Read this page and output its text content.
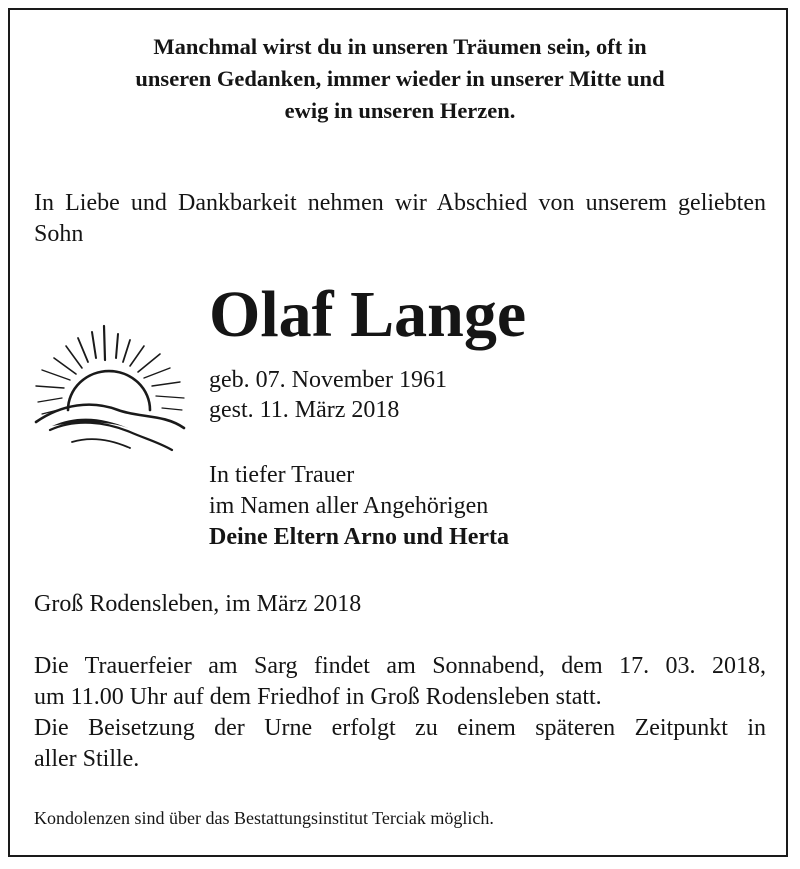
Manchmal wirst du in unseren Träumen sein, oft in
unseren Gedanken, immer wieder in unserer Mitte und
ewig in unseren Herzen.
In Liebe und Dankbarkeit nehmen wir Abschied von unserem geliebten Sohn
Olaf Lange
geb. 07. November 1961
gest. 11. März 2018
In tiefer Trauer
im Namen aller Angehörigen
Deine Eltern Arno und Herta
Groß Rodensleben, im März 2018
Die Trauerfeier am Sarg findet am Sonnabend, dem 17. 03. 2018,
um 11.00 Uhr auf dem Friedhof in Groß Rodensleben statt.
Die Beisetzung der Urne erfolgt zu einem späteren Zeitpunkt in
aller Stille.
Kondolenzen sind über das Bestattungsinstitut Terciak möglich.
